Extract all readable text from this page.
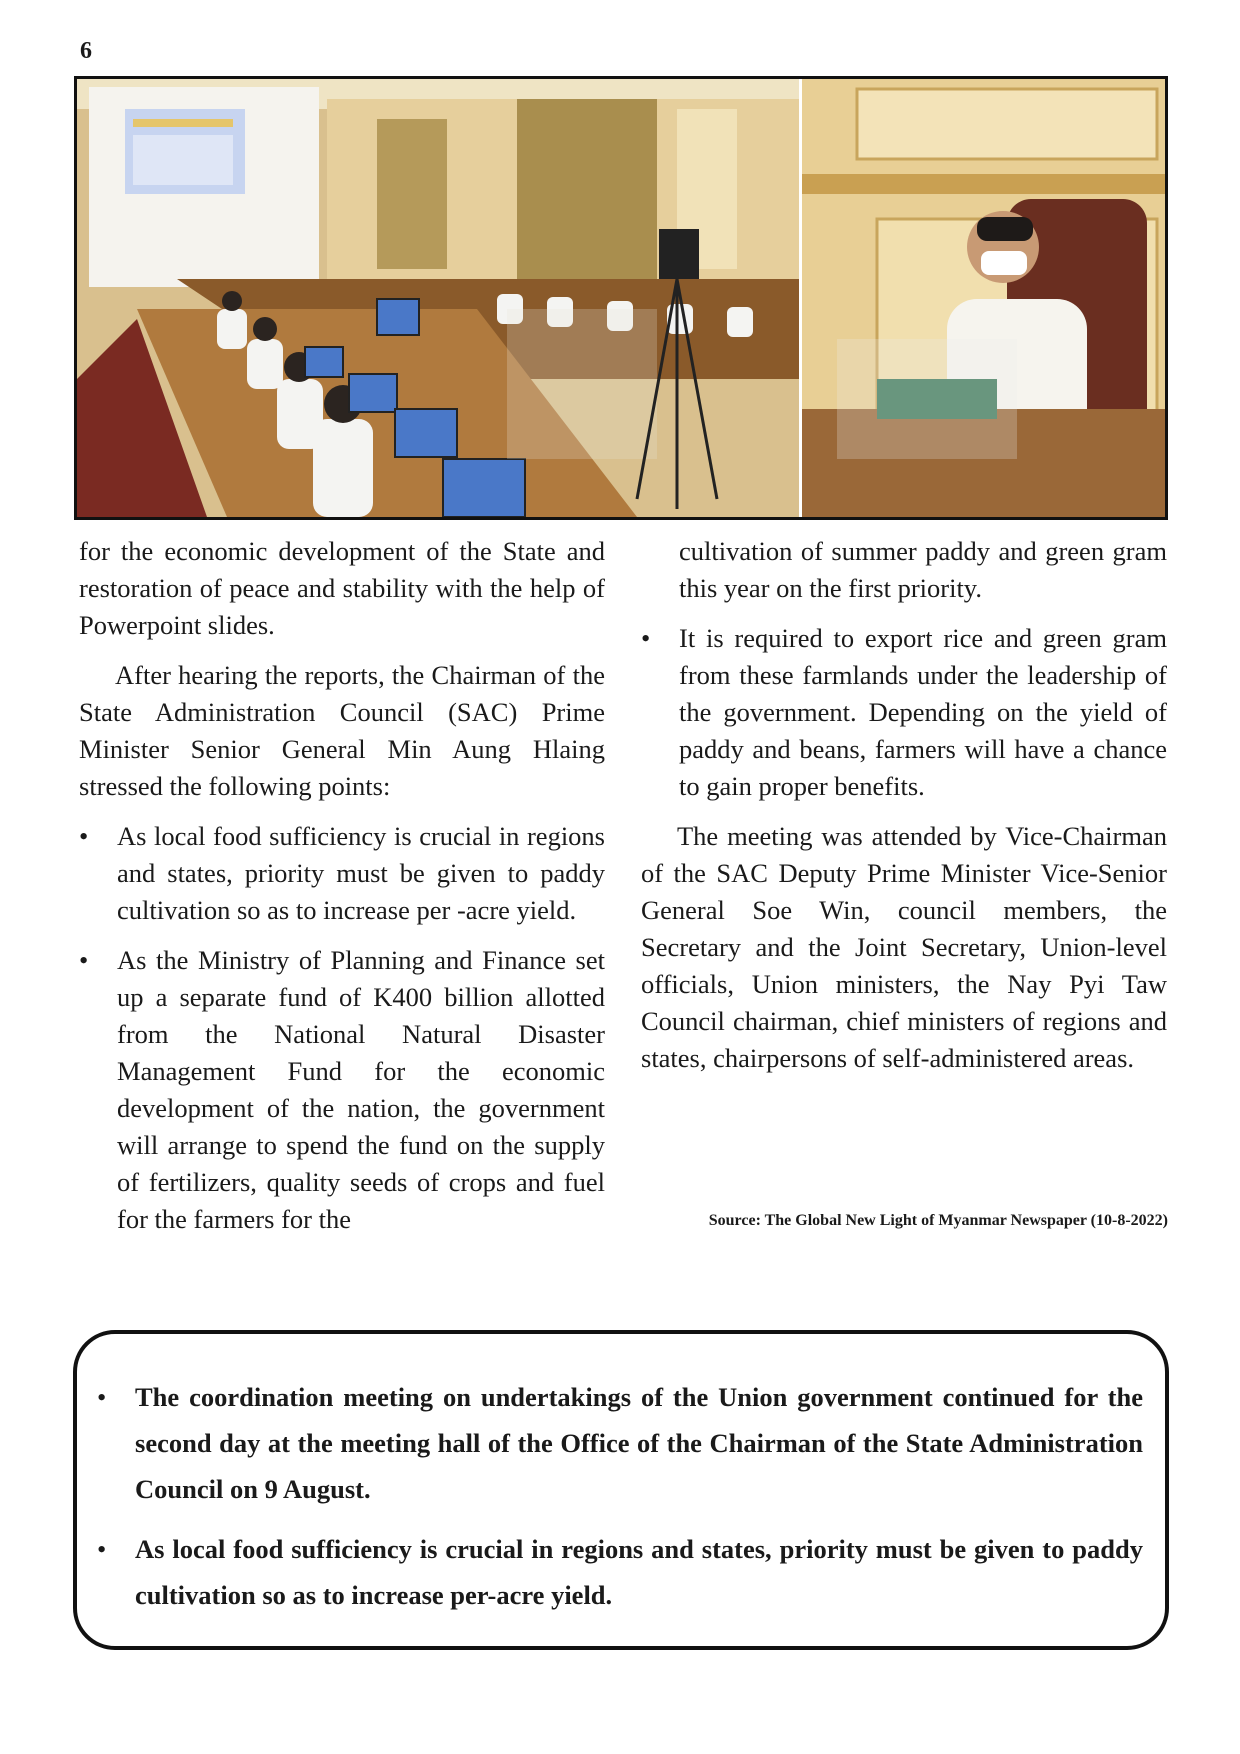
6

for the economic development of the State and restoration of peace and stability with the help of Powerpoint slides.

After hearing the reports, the Chairman of the State Administration Council (SAC) Prime Minister Senior General Min Aung Hlaing stressed the following points:

• As local food sufficiency is crucial in regions and states, priority must be given to paddy cultivation so as to increase per -acre yield.
• As the Ministry of Planning and Finance set up a separate fund of K400 billion allotted from the National Natural Disaster Management Fund for the economic development of the nation, the government will arrange to spend the fund on the supply of fertilizers, quality seeds of crops and fuel for the farmers for the

cultivation of summer paddy and green gram this year on the first priority.

• It is required to export rice and green gram from these farmlands under the leadership of the government. Depending on the yield of paddy and beans, farmers will have a chance to gain proper benefits.

The meeting was attended by Vice-Chairman of the SAC Deputy Prime Minister Vice-Senior General Soe Win, council members, the Secretary and the Joint Secretary, Union-level officials, Union ministers, the Nay Pyi Taw Council chairman, chief ministers of regions and states, chairpersons of self-administered areas.

Source: The Global New Light of Myanmar Newspaper (10-8-2022)
• The coordination meeting on undertakings of the Union government continued for the second day at the meeting hall of the Office of the Chairman of the State Administration Council on 9 August.
• As local food sufficiency is crucial in regions and states, priority must be given to paddy cultivation so as to increase per-acre yield.
